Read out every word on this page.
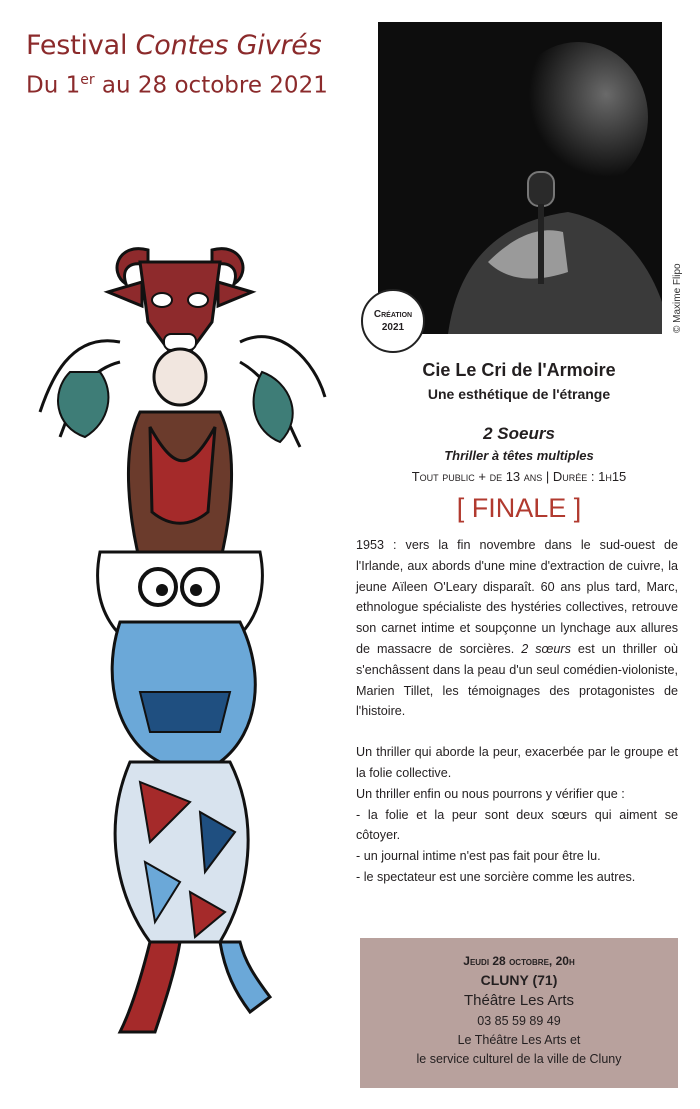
Festival Contes Givrés
Du 1er au 28 octobre 2021
© Maxime Flipo
Création
2021
Cie Le Cri de l'Armoire
Une esthétique de l'étrange
2 Soeurs
Thriller à têtes multiples
Tout public + de 13 ans | Durée : 1h15
[ FINALE ]

1953 : vers la fin novembre dans le sud-ouest de l'Irlande, aux abords d'une mine d'extraction de cuivre, la jeune Aïleen O'Leary disparaît. 60 ans plus tard, Marc, ethnologue spécialiste des hystéries collectives, retrouve son carnet intime et soupçonne un lynchage aux allures de massacre de sorcières. 2 sœurs est un thriller où s'enchâssent dans la peau d'un seul comédien-violoniste, Marien Tillet, les témoignages des protagonistes de l'histoire.

Un thriller qui aborde la peur, exacerbée par le groupe et la folie collective.

Un thriller enfin ou nous pourrons y vérifier que :

- la folie et la peur sont deux sœurs qui aiment se côtoyer.

- un journal intime n'est pas fait pour être lu.

- le spectateur est une sorcière comme les autres.

Jeudi 28 octobre, 20h
CLUNY (71)
Théâtre Les Arts
03 85 59 89 49
Le Théâtre Les Arts et
le service culturel de la ville de Cluny
